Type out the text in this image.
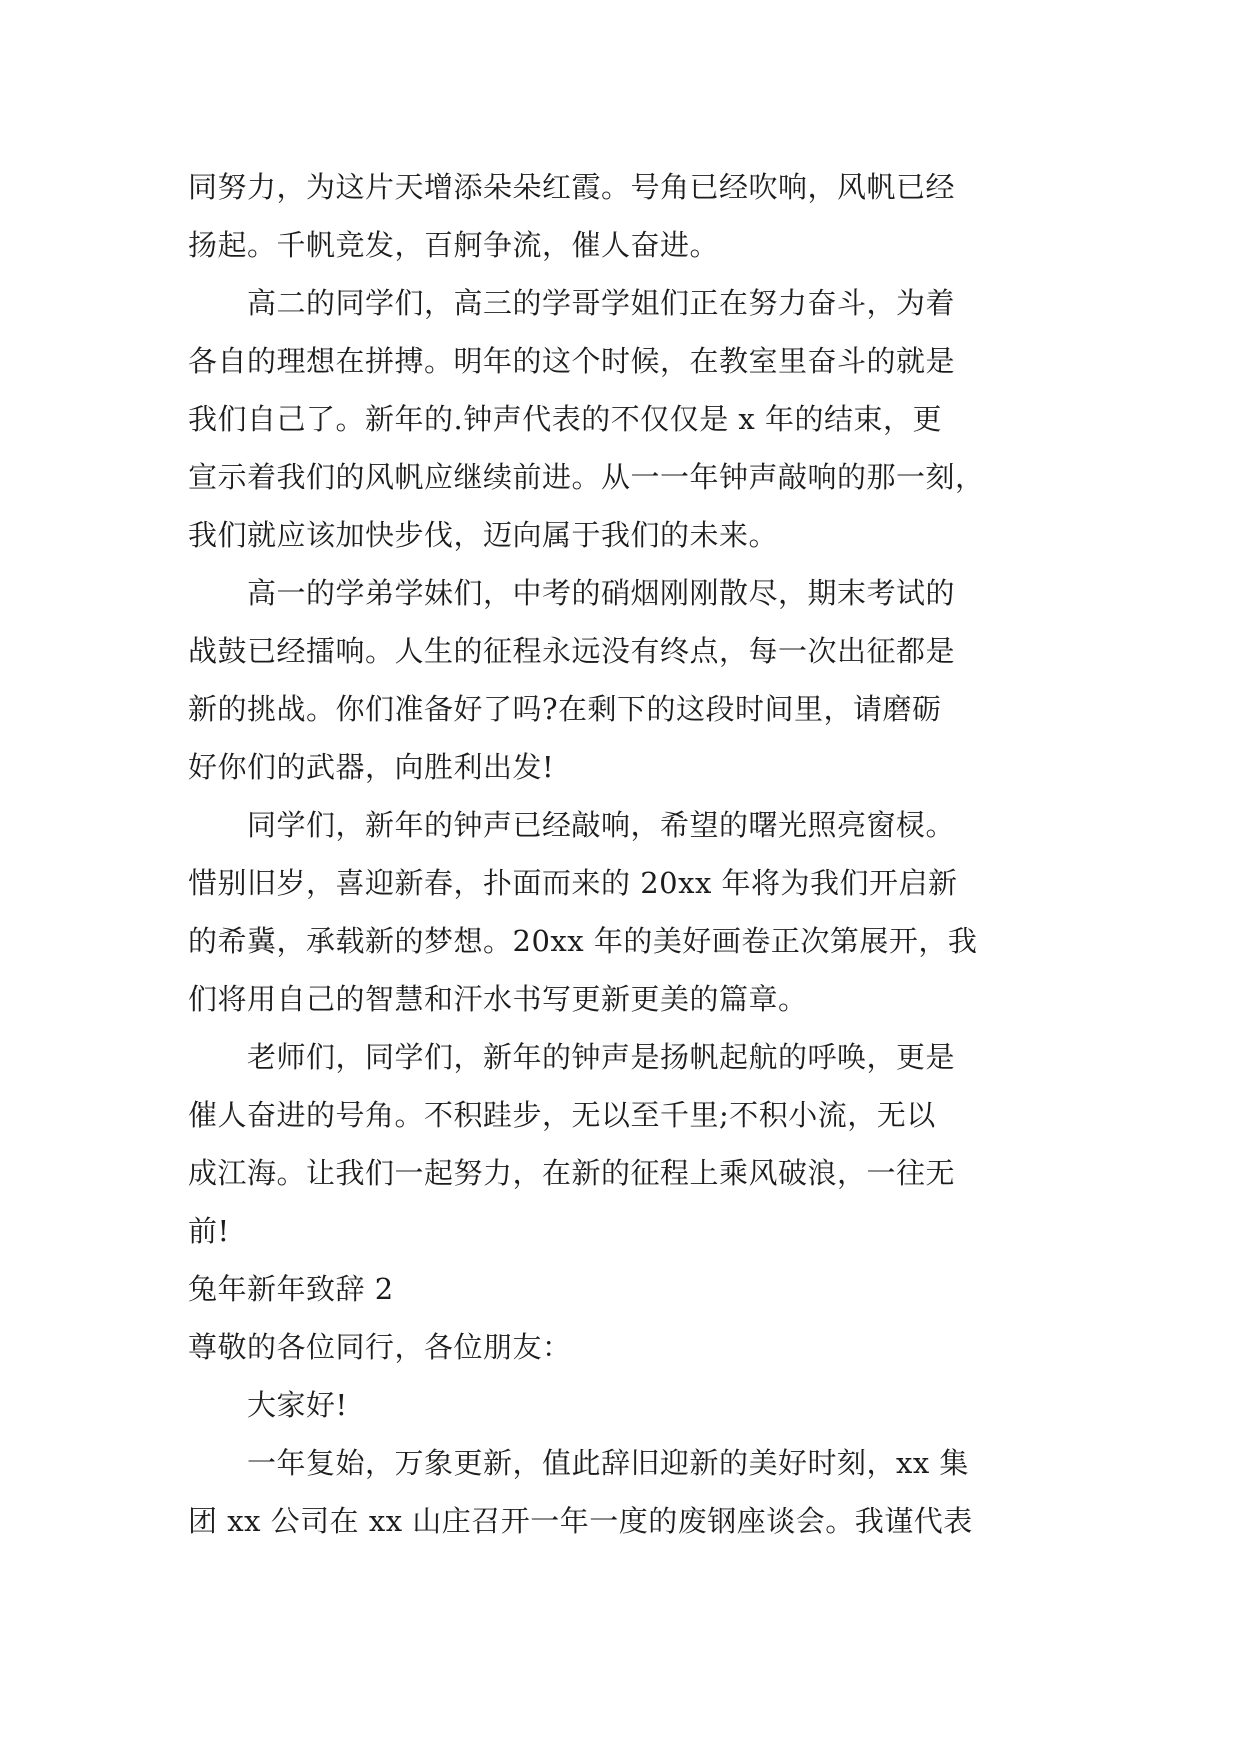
同努力，为这片天增添朵朵红霞。号角已经吹响，风帆已经
扬起。千帆竞发，百舸争流，催人奋进。
　　高二的同学们，高三的学哥学姐们正在努力奋斗，为着
各自的理想在拼搏。明年的这个时候，在教室里奋斗的就是
我们自己了。新年的.钟声代表的不仅仅是 x 年的结束，更
宣示着我们的风帆应继续前进。从一一年钟声敲响的那一刻，
我们就应该加快步伐，迈向属于我们的未来。
　　高一的学弟学妹们，中考的硝烟刚刚散尽，期末考试的
战鼓已经擂响。人生的征程永远没有终点，每一次出征都是
新的挑战。你们准备好了吗?在剩下的这段时间里，请磨砺
好你们的武器，向胜利出发!
　　同学们，新年的钟声已经敲响，希望的曙光照亮窗棂。
惜别旧岁，喜迎新春，扑面而来的 20xx 年将为我们开启新
的希冀，承载新的梦想。20xx 年的美好画卷正次第展开，我
们将用自己的智慧和汗水书写更新更美的篇章。
　　老师们，同学们，新年的钟声是扬帆起航的呼唤，更是
催人奋进的号角。不积跬步，无以至千里;不积小流，无以
成江海。让我们一起努力，在新的征程上乘风破浪，一往无
前!
兔年新年致辞 2
尊敬的各位同行，各位朋友：
　　大家好!
　　一年复始，万象更新，值此辞旧迎新的美好时刻，xx 集
团 xx 公司在 xx 山庄召开一年一度的废钢座谈会。我谨代表
